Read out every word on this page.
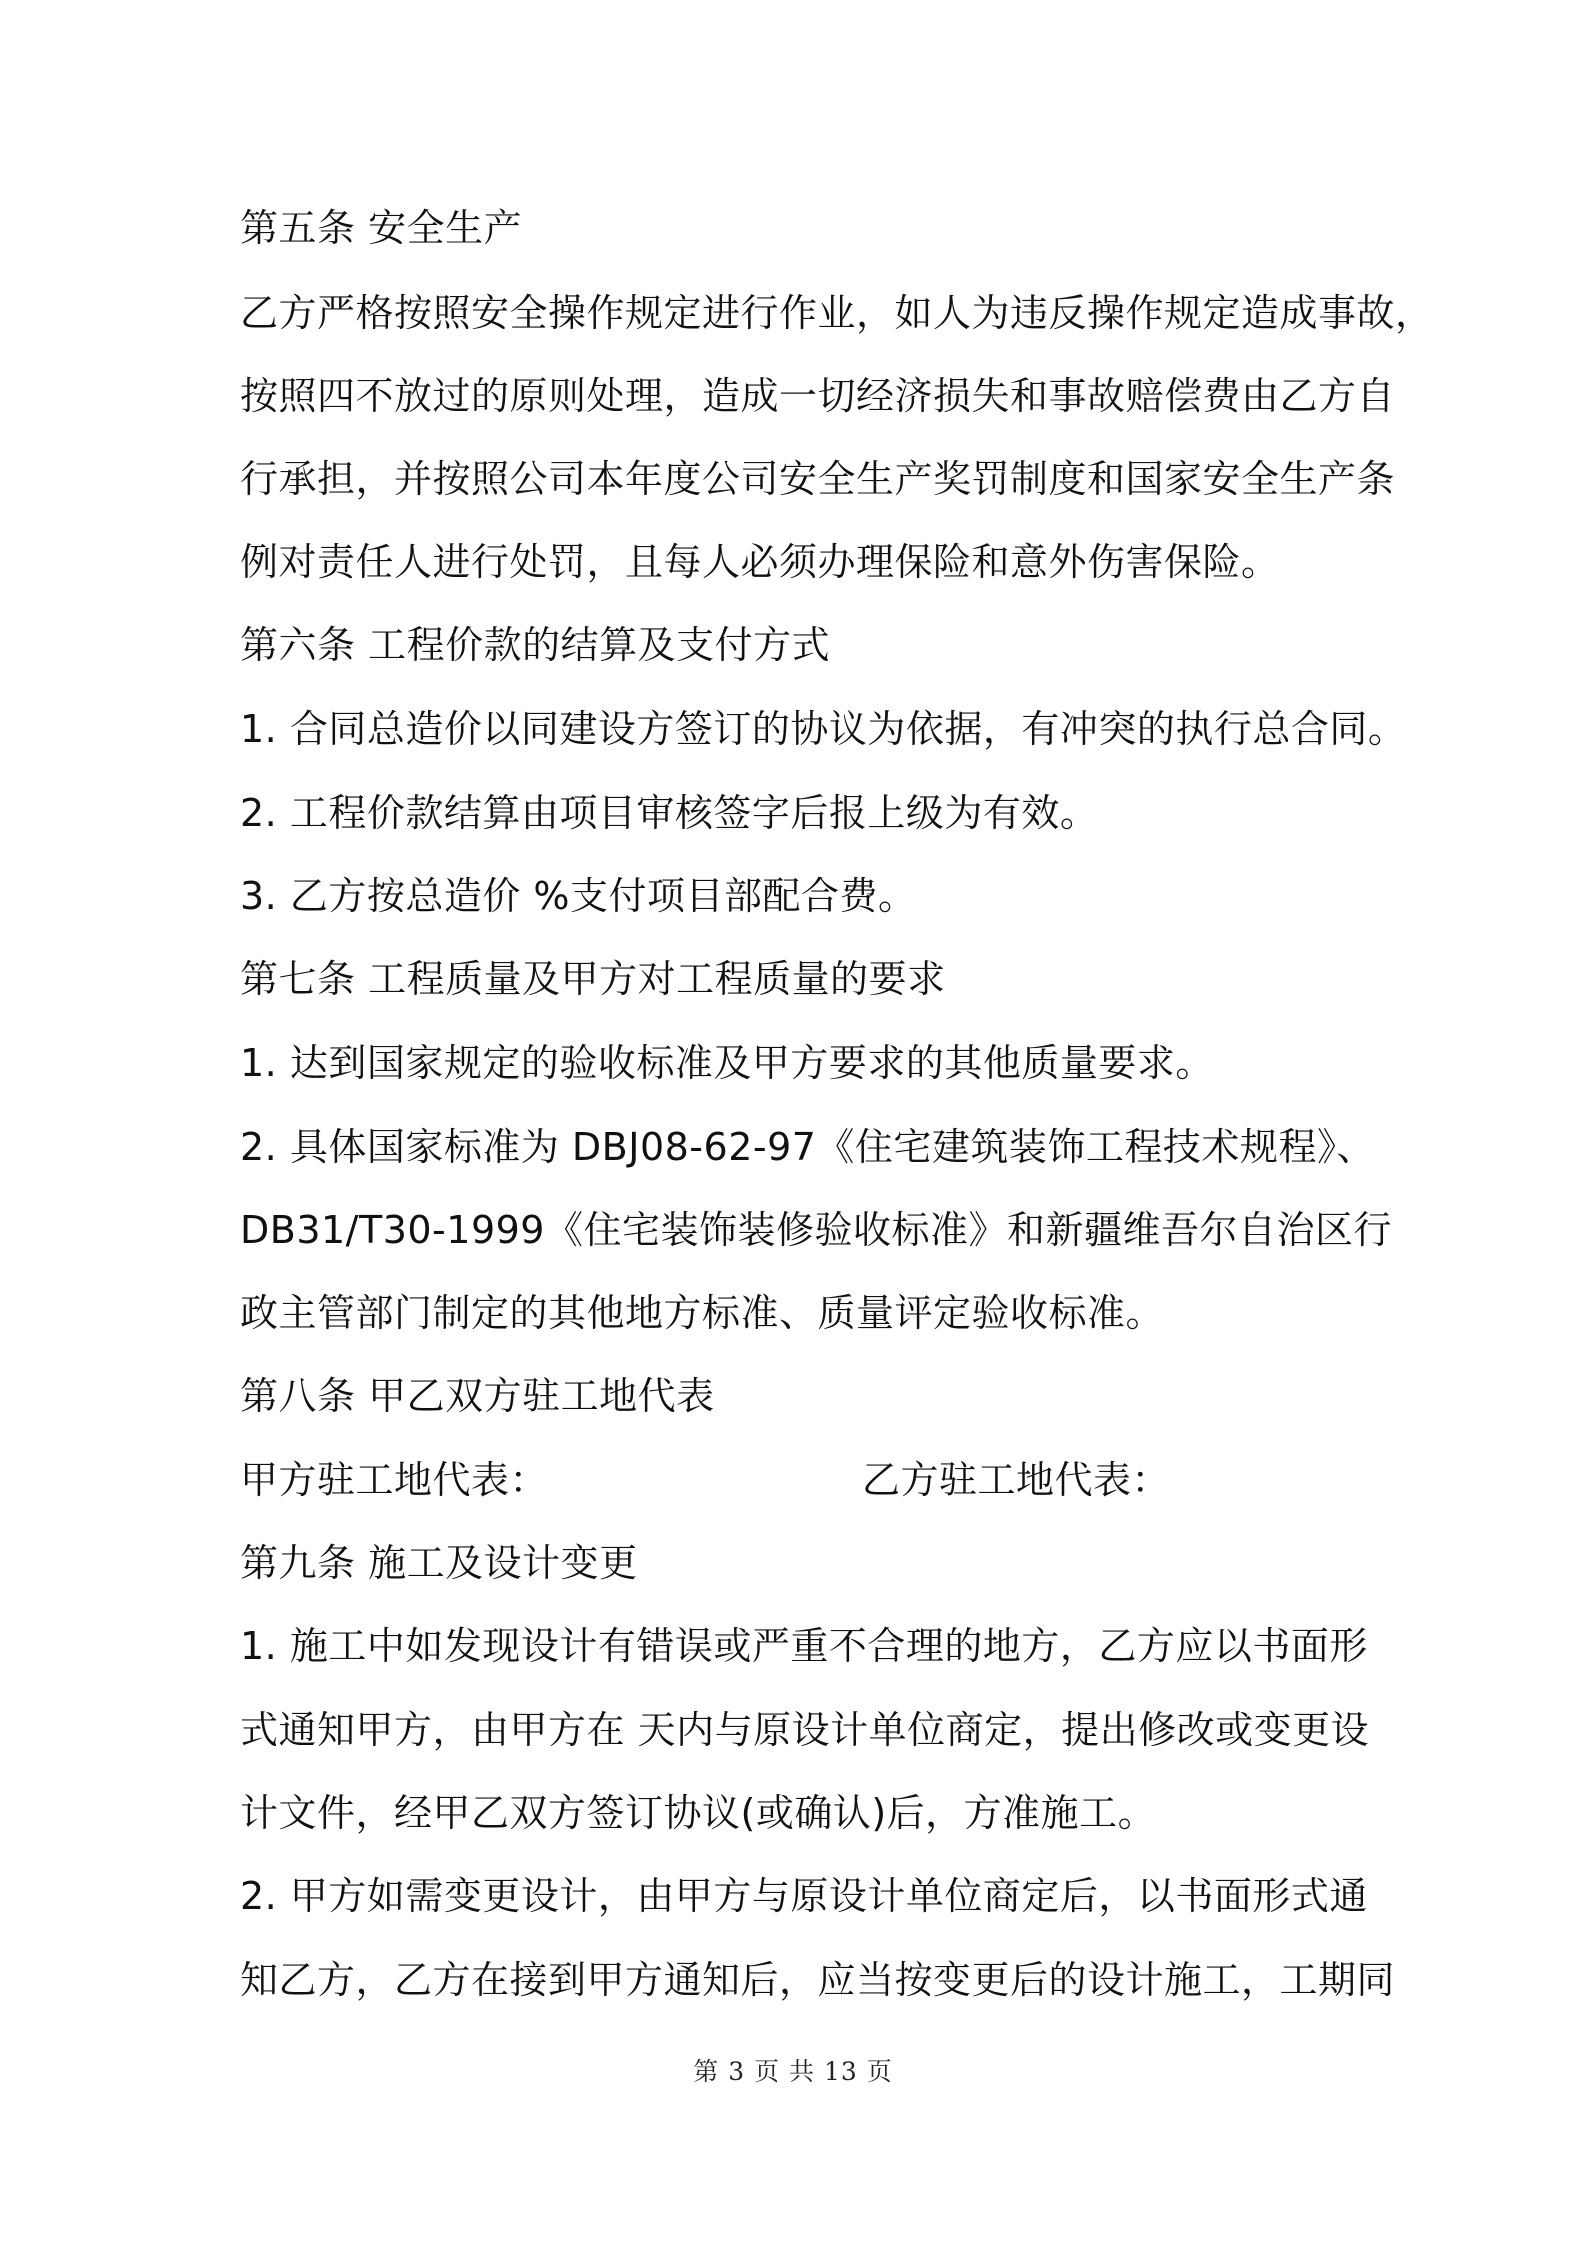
第五条 安全生产
乙方严格按照安全操作规定进行作业，如人为违反操作规定造成事故，
按照四不放过的原则处理，造成一切经济损失和事故赔偿费由乙方自
行承担，并按照公司本年度公司安全生产奖罚制度和国家安全生产条
例对责任人进行处罚，且每人必须办理保险和意外伤害保险。
第六条 工程价款的结算及支付方式
1. 合同总造价以同建设方签订的协议为依据，有冲突的执行总合同。
2. 工程价款结算由项目审核签字后报上级为有效。
3. 乙方按总造价 %支付项目部配合费。
第七条 工程质量及甲方对工程质量的要求
1. 达到国家规定的验收标准及甲方要求的其他质量要求。
2. 具体国家标准为 DBJ08-62-97《住宅建筑装饰工程技术规程》、
DB31/T30-1999《住宅装饰装修验收标准》和新疆维吾尔自治区行
政主管部门制定的其他地方标准、质量评定验收标准。
第八条 甲乙双方驻工地代表
甲方驻工地代表：	乙方驻工地代表：
第九条 施工及设计变更
1. 施工中如发现设计有错误或严重不合理的地方，乙方应以书面形
式通知甲方，由甲方在 天内与原设计单位商定，提出修改或变更设
计文件，经甲乙双方签订协议(或确认)后，方准施工。
2. 甲方如需变更设计，由甲方与原设计单位商定后，以书面形式通
知乙方，乙方在接到甲方通知后，应当按变更后的设计施工，工期同
第 3 页 共 13 页
